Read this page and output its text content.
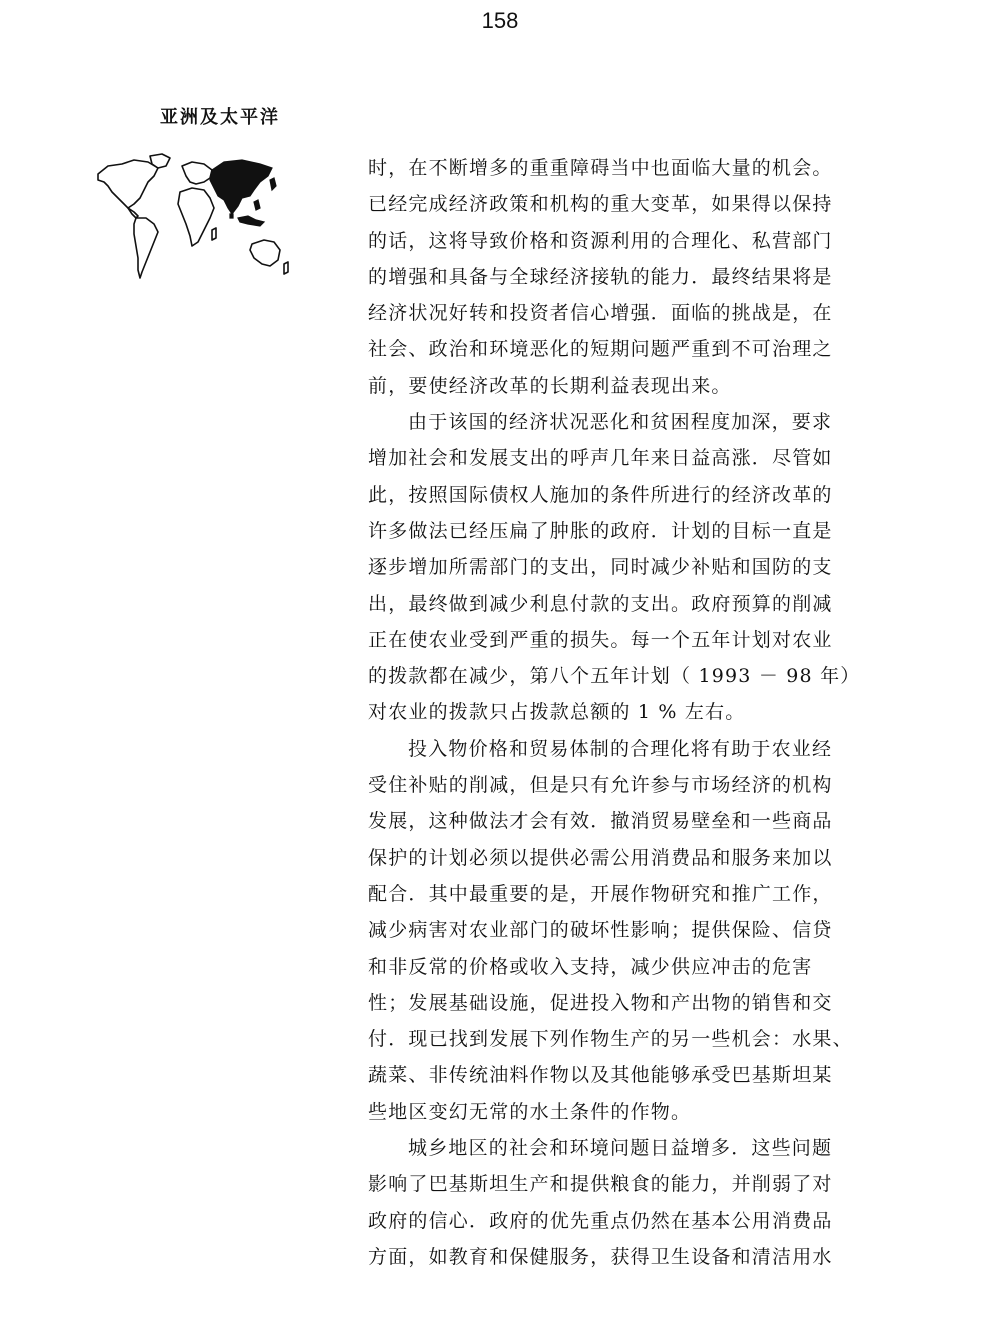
158
亚洲及太平洋
时，在不断增多的重重障碍当中也面临大量的机会。
已经完成经济政策和机构的重大变革，如果得以保持
的话，这将导致价格和资源利用的合理化、私营部门
的增强和具备与全球经济接轨的能力．最终结果将是
经济状况好转和投资者信心增强．面临的挑战是，在
社会、政治和环境恶化的短期问题严重到不可治理之
前，要使经济改革的长期利益表现出来。
由于该国的经济状况恶化和贫困程度加深，要求
增加社会和发展支出的呼声几年来日益高涨．尽管如
此，按照国际债权人施加的条件所进行的经济改革的
许多做法已经压扁了肿胀的政府．计划的目标一直是
逐步增加所需部门的支出，同时减少补贴和国防的支
出，最终做到减少利息付款的支出。政府预算的削减
正在使农业受到严重的损失。每一个五年计划对农业
的拨款都在减少，第八个五年计划（ 1993 － 98 年）
对农业的拨款只占拨款总额的 1 % 左右。
投入物价格和贸易体制的合理化将有助于农业经
受住补贴的削减，但是只有允许参与市场经济的机构
发展，这种做法才会有效．撤消贸易壁垒和一些商品
保护的计划必须以提供必需公用消费品和服务来加以
配合．其中最重要的是，开展作物研究和推广工作，
减少病害对农业部门的破坏性影响；提供保险、信贷
和非反常的价格或收入支持，减少供应冲击的危害
性；发展基础设施，促进投入物和产出物的销售和交
付．现已找到发展下列作物生产的另一些机会：水果、
蔬菜、非传统油料作物以及其他能够承受巴基斯坦某
些地区变幻无常的水土条件的作物。
城乡地区的社会和环境问题日益增多．这些问题
影响了巴基斯坦生产和提供粮食的能力，并削弱了对
政府的信心．政府的优先重点仍然在基本公用消费品
方面，如教育和保健服务，获得卫生设备和清洁用水
